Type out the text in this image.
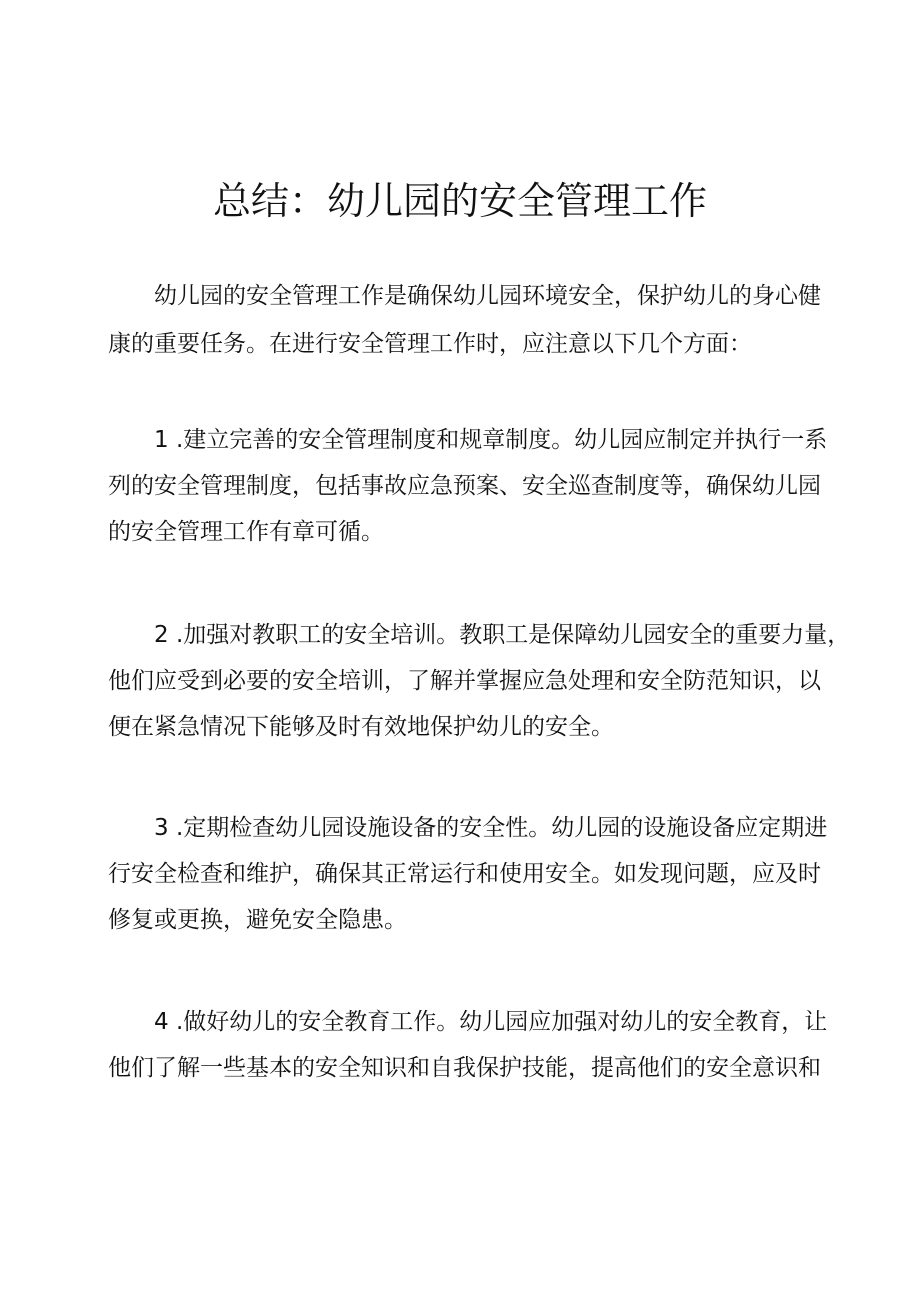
总结：幼儿园的安全管理工作
幼儿园的安全管理工作是确保幼儿园环境安全，保护幼儿的身心健
康的重要任务。在进行安全管理工作时，应注意以下几个方面：
1 .建立完善的安全管理制度和规章制度。幼儿园应制定并执行一系
列的安全管理制度，包括事故应急预案、安全巡查制度等，确保幼儿园
的安全管理工作有章可循。
2 .加强对教职工的安全培训。教职工是保障幼儿园安全的重要力量，
他们应受到必要的安全培训，了解并掌握应急处理和安全防范知识，以
便在紧急情况下能够及时有效地保护幼儿的安全。
3 .定期检查幼儿园设施设备的安全性。幼儿园的设施设备应定期进
行安全检查和维护，确保其正常运行和使用安全。如发现问题，应及时
修复或更换，避免安全隐患。
4 .做好幼儿的安全教育工作。幼儿园应加强对幼儿的安全教育，让
他们了解一些基本的安全知识和自我保护技能，提高他们的安全意识和
